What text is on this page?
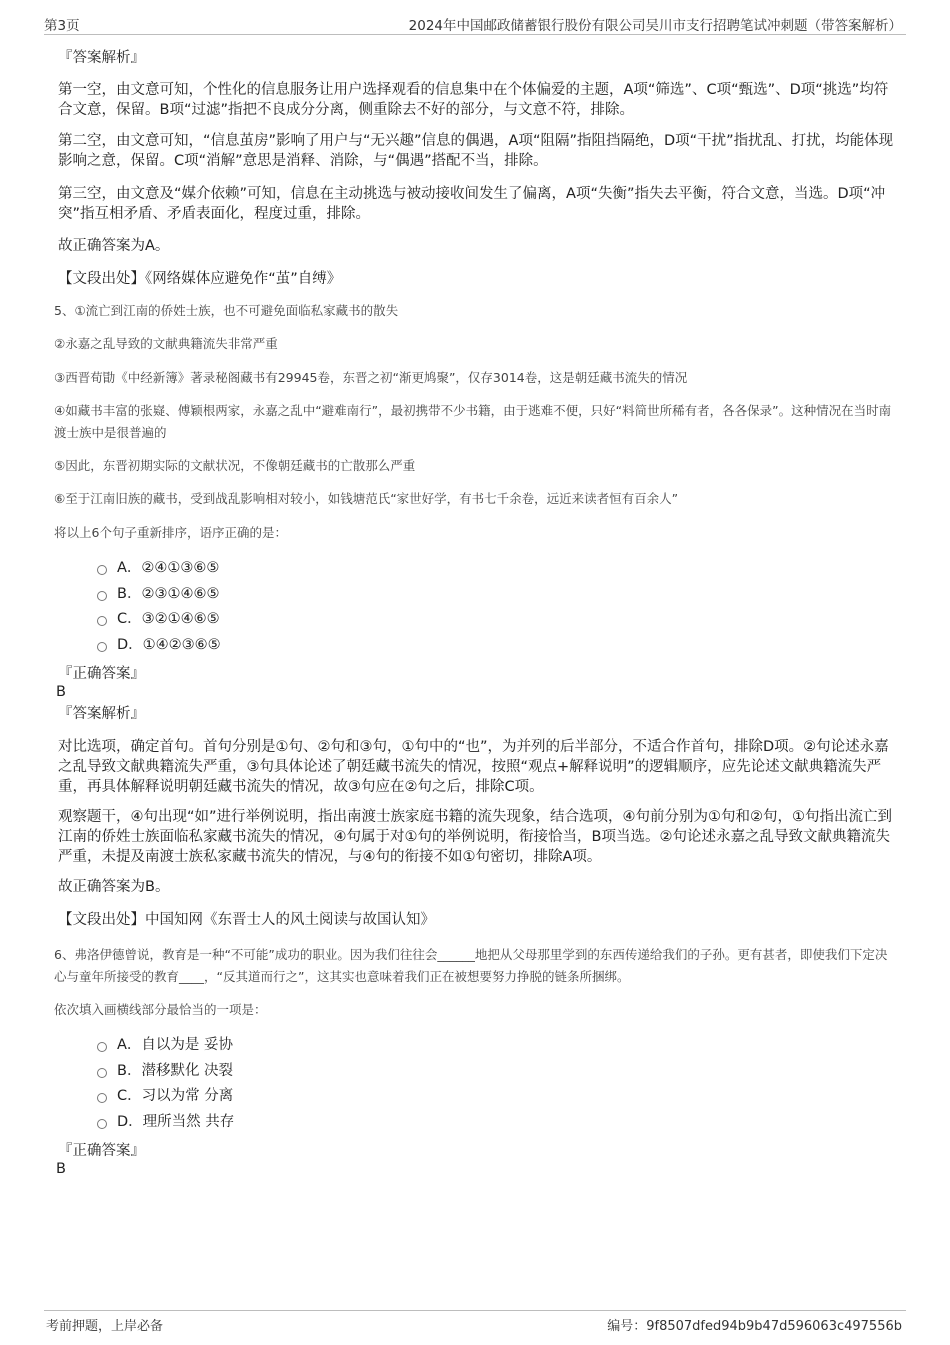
第3页	2024年中国邮政储蓄银行股份有限公司吴川市支行招聘笔试冲刺题（带答案解析）
『答案解析』
第一空，由文意可知，个性化的信息服务让用户选择观看的信息集中在个体偏爱的主题，A项“筛选”、C项“甄选”、D项“挑选”均符合文意，保留。B项“过滤”指把不良成分分离，侧重除去不好的部分，与文意不符，排除。
第二空，由文意可知，“信息茧房”影响了用户与“无兴趣”信息的偶遇，A项“阻隔”指阻挡隔绝，D项“干扰”指扰乱、打扰，均能体现影响之意，保留。C项“消解”意思是消释、消除，与“偶遇”搭配不当，排除。
第三空，由文意及“媒介依赖”可知，信息在主动挑选与被动接收间发生了偏离，A项“失衡”指失去平衡，符合文意，当选。D项“冲突”指互相矛盾、矛盾表面化，程度过重，排除。
故正确答案为A。
【文段出处】《网络媒体应避免作“茧”自缚》
5、①流亡到江南的侨姓士族，也不可避免面临私家藏书的散失
②永嘉之乱导致的文献典籍流失非常严重
③西晋荀勖《中经新簿》著录秘阁藏书有29945卷，东晋之初“渐更鸠聚”，仅存3014卷，这是朝廷藏书流失的情况
④如藏书丰富的张嶷、傅颖根两家，永嘉之乱中“避难南行”，最初携带不少书籍，由于逃难不便，只好“料简世所稀有者，各各保录”。这种情况在当时南渡士族中是很普遍的
⑤因此，东晋初期实际的文献状况，不像朝廷藏书的亡散那么严重
⑥至于江南旧族的藏书，受到战乱影响相对较小，如钱塘范氏“家世好学，有书七千余卷，远近来读者恒有百余人”
将以上6个句子重新排序，语序正确的是：
A．②④①③⑥⑤
B．②③①④⑥⑤
C．③②①④⑥⑤
D．①④②③⑥⑤
『正确答案』
B
『答案解析』
对比选项，确定首句。首句分别是①句、②句和③句，①句中的“也”，为并列的后半部分，不适合作首句，排除D项。②句论述永嘉之乱导致文献典籍流失严重，③句具体论述了朝廷藏书流失的情况，按照“观点+解释说明”的逻辑顺序，应先论述文献典籍流失严重，再具体解释说明朝廷藏书流失的情况，故③句应在②句之后，排除C项。
观察题干，④句出现“如”进行举例说明，指出南渡士族家庭书籍的流失现象，结合选项，④句前分别为①句和②句，①句指出流亡到江南的侨姓士族面临私家藏书流失的情况，④句属于对①句的举例说明，衔接恰当，B项当选。②句论述永嘉之乱导致文献典籍流失严重，未提及南渡士族私家藏书流失的情况，与④句的衔接不如①句密切，排除A项。
故正确答案为B。
【文段出处】中国知网《东晋士人的风土阅读与故国认知》
6、弗洛伊德曾说，教育是一种“不可能”成功的职业。因为我们往往会______地把从父母那里学到的东西传递给我们的子孙。更有甚者，即使我们下定决心与童年所接受的教育____，“反其道而行之”，这其实也意味着我们正在被想要努力挣脱的链条所捆绑。
依次填入画横线部分最恰当的一项是：
A．自以为是 妥协
B．潜移默化 决裂
C．习以为常 分离
D．理所当然 共存
『正确答案』
B
考前押题，上岸必备	编号：9f8507dfed94b9b47d596063c497556b
